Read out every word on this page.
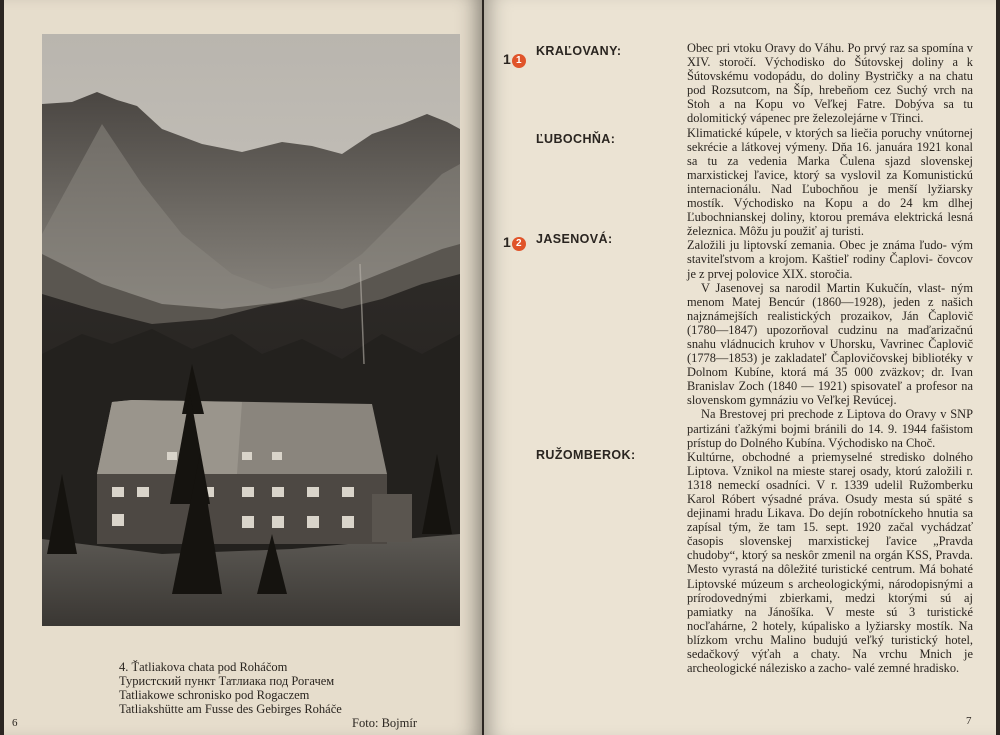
4. Ťatliakova chata pod Roháčom
Туристский пункт Татлиака под Рогачем
Tatliakowe schronisko pod Rogaczem
Tatliakshütte am Fusse des Gebirges Roháče
Foto: Bojmír
6
1 1
KRAĽOVANY:
ĽUBOCHŇA:
1 2	JASENOVÁ:
RUŽOMBEROK:

Obec pri vtoku Oravy do Váhu. Po prvý raz sa spomína v XIV. storočí. Východisko do Šútovskej doliny a k Šútovskému vodopádu, do doliny Bystričky a na chatu pod Rozsutcom, na Šíp, hrebeňom cez Suchý vrch na Stoh a na Kopu vo Veľkej Fatre. Dobýva sa tu dolomitický vápenec pre železolejárne v Třinci.

Klimatické kúpele, v ktorých sa liečia poruchy vnútornej sekrécie a látkovej výmeny. Dňa 16. januára 1921 konal sa tu za vedenia Marka Čulena sjazd slovenskej marxistickej ľavice, ktorý sa vyslovil za Komunistickú internacionálu. Nad Ľubochňou je menší lyžiarsky mostík. Východisko na Kopu a do 24 km dlhej Ľubochnianskej doliny, ktorou premáva elektrická lesná železnica. Môžu ju použiť aj turisti.

Založili ju liptovskí zemania. Obec je známa ľudo- vým staviteľstvom a krojom. Kaštieľ rodiny Čaplovi- čovcov je z prvej polovice XIX. storočia.

V Jasenovej sa narodil Martin Kukučín, vlast- ným menom Matej Bencúr (1860—1928), jeden z našich najznámejších realistických prozaikov, Ján Čaplovič (1780—1847) upozorňoval cudzinu na maďarizačnú snahu vládnucich kruhov v Uhorsku, Vavrinec Čaplovič (1778—1853) je zakladateľ Čaplovičovskej bibliotéky v Dolnom Kubíne, ktorá má 35 000 zväzkov; dr. Ivan Branislav Zoch (1840 — 1921) spisovateľ a profesor na slovenskom gymnáziu vo Veľkej Revúcej.

Na Brestovej pri prechode z Liptova do Oravy v SNP partizáni ťažkými bojmi bránili do 14. 9. 1944 fašistom prístup do Dolného Kubína. Východisko na Choč.

Kultúrne, obchodné a priemyselné stredisko dolného Liptova. Vznikol na mieste starej osady, ktorú založili r. 1318 nemeckí osadníci. V r. 1339 udelil Ružomberku Karol Róbert výsadné práva. Osudy mesta sú späté s dejinami hradu Likava. Do dejín robotníckeho hnutia sa zapísal tým, že tam 15. sept. 1920 začal vychádzať časopis slovenskej marxistickej ľavice „Pravda chudoby“, ktorý sa neskôr zmenil na orgán KSS, Pravda. Mesto vyrastá na dôležité turistické centrum. Má bohaté Liptovské múzeum s archeologickými, národopisnými a prírodovednými zbierkami, medzi ktorými sú aj pamiatky na Jánošíka. V meste sú 3 turistické nocľahárne, 2 hotely, kúpalisko a lyžiarsky mostík. Na blízkom vrchu Malino budujú veľký turistický hotel, sedačkový výťah a chaty. Na vrchu Mnich je archeologické nálezisko a zacho- valé zemné hradisko.

7
